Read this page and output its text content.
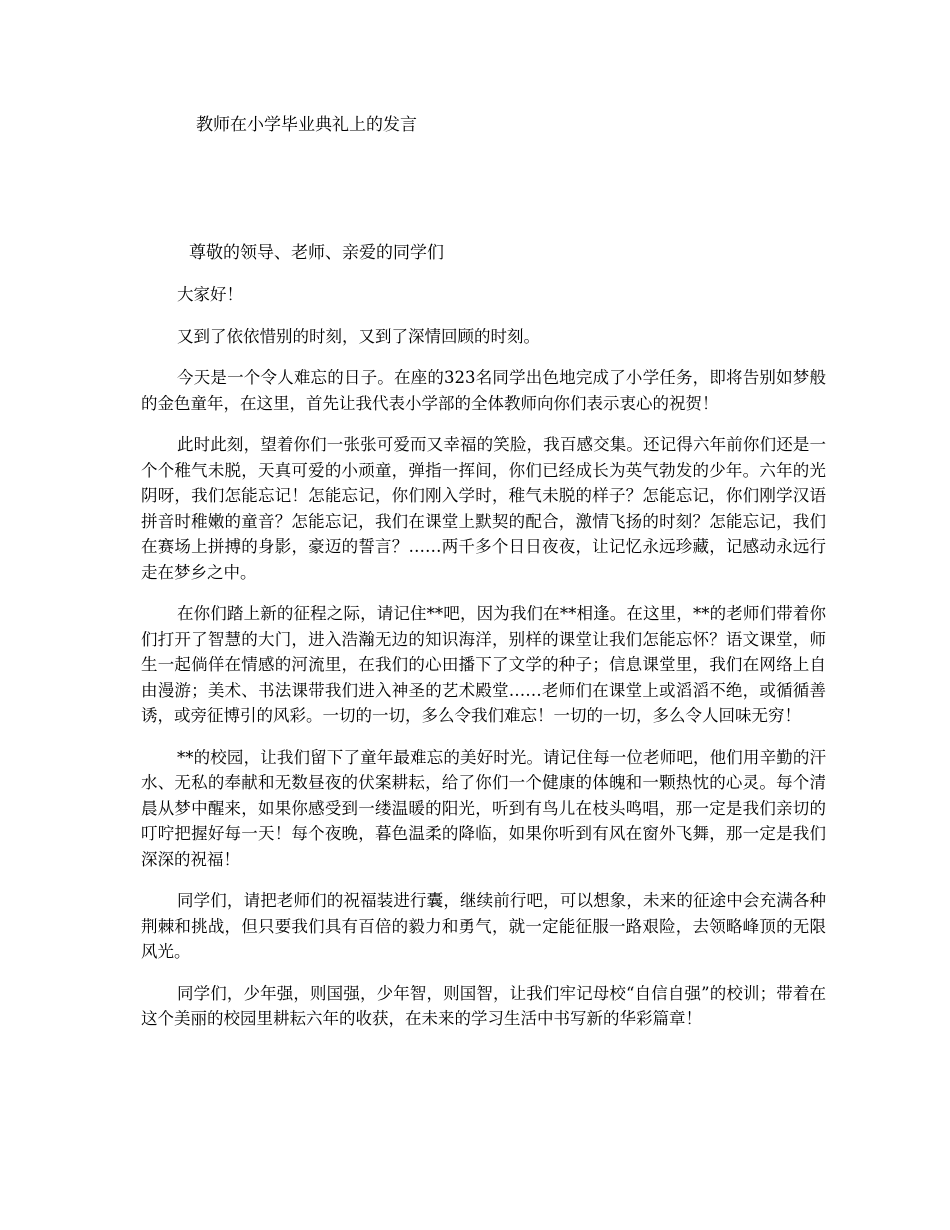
教师在小学毕业典礼上的发言
尊敬的领导、老师、亲爱的同学们

大家好！

又到了依依惜别的时刻，又到了深情回顾的时刻。

今天是一个令人难忘的日子。在座的323名同学出色地完成了小学任务，即将告别如梦般的金色童年，在这里，首先让我代表小学部的全体教师向你们表示衷心的祝贺！

此时此刻，望着你们一张张可爱而又幸福的笑脸，我百感交集。还记得六年前你们还是一个个稚气未脱，天真可爱的小顽童，弹指一挥间，你们已经成长为英气勃发的少年。六年的光阴呀，我们怎能忘记！怎能忘记，你们刚入学时，稚气未脱的样子？怎能忘记，你们刚学汉语拼音时稚嫩的童音？怎能忘记，我们在课堂上默契的配合，激情飞扬的时刻？怎能忘记，我们在赛场上拼搏的身影，豪迈的誓言？……两千多个日日夜夜，让记忆永远珍藏，记感动永远行走在梦乡之中。

在你们踏上新的征程之际，请记住**吧，因为我们在**相逢。在这里，**的老师们带着你们打开了智慧的大门，进入浩瀚无边的知识海洋，别样的课堂让我们怎能忘怀？语文课堂，师生一起倘佯在情感的河流里，在我们的心田播下了文学的种子；信息课堂里，我们在网络上自由漫游；美术、书法课带我们进入神圣的艺术殿堂……老师们在课堂上或滔滔不绝，或循循善诱，或旁征博引的风彩。一切的一切，多么令我们难忘！一切的一切，多么令人回味无穷！

**的校园，让我们留下了童年最难忘的美好时光。请记住每一位老师吧，他们用辛勤的汗水、无私的奉献和无数昼夜的伏案耕耘，给了你们一个健康的体魄和一颗热忱的心灵。每个清晨从梦中醒来，如果你感受到一缕温暖的阳光，听到有鸟儿在枝头鸣唱，那一定是我们亲切的叮咛把握好每一天！每个夜晚，暮色温柔的降临，如果你听到有风在窗外飞舞，那一定是我们深深的祝福！

同学们，请把老师们的祝福装进行囊，继续前行吧，可以想象，未来的征途中会充满各种荆棘和挑战，但只要我们具有百倍的毅力和勇气，就一定能征服一路艰险，去领略峰顶的无限风光。

同学们，少年强，则国强，少年智，则国智，让我们牢记母校“自信自强”的校训；带着在这个美丽的校园里耕耘六年的收获，在未来的学习生活中书写新的华彩篇章！
